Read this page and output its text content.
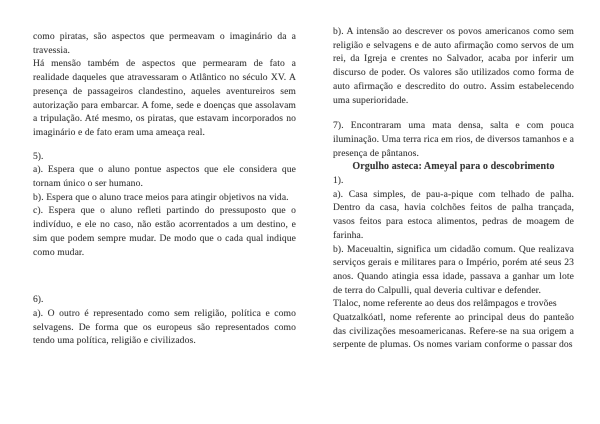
como piratas, são aspectos que permeavam o imaginário da a travessia.

Há mensão também de aspectos que permearam de fato a realidade daqueles que atravessaram o Atlântico no século XV. A presença de passageiros clandestino, aqueles aventureiros sem autorização para embarcar. A fome, sede e doenças que assolavam a tripulação. Até mesmo, os piratas, que estavam incorporados no imaginário e de fato eram uma ameaça real.

5).

a). Espera que o aluno pontue aspectos que ele considera que tornam único o ser humano.

b). Espera que o aluno trace meios para atingir objetivos na vida.

c). Espera que o aluno refleti partindo do pressuposto que o indivíduo, e ele no caso, não estão acorrentados a um destino, e sim que podem sempre mudar. De modo que o cada qual indique como mudar.

6).

a). O outro é representado como sem religião, política e como selvagens. De forma que os europeus são representados como tendo uma política, religião e civilizados.

b). A intensão ao descrever os povos americanos como sem religião e selvagens e de auto afirmação como servos de um rei, da Igreja e crentes no Salvador, acaba por inferir um discurso de poder. Os valores são utilizados como forma de auto afirmação e descredito do outro. Assim estabelecendo uma superioridade.

7). Encontraram uma mata densa, salta e com pouca iluminação. Uma terra rica em rios, de diversos tamanhos e a presença de pântanos.

Orgulho asteca: Ameyal para o descobrimento

1).

a). Casa simples, de pau-a-pique com telhado de palha. Dentro da casa, havia colchões feitos de palha trançada, vasos feitos para estoca alimentos, pedras de moagem de farinha.

b). Maceualtin, significa um cidadão comum. Que realizava serviços gerais e militares para o Império, porém até seus 23 anos. Quando atingia essa idade, passava a ganhar um lote de terra do Calpulli, qual deveria cultivar e defender.

Tlaloc, nome referente ao deus dos relâmpagos e trovões

Quatzalkóatl, nome referente ao principal deus do panteão das civilizações mesoamericanas. Refere-se na sua origem a serpente de plumas. Os nomes variam conforme o passar dos
